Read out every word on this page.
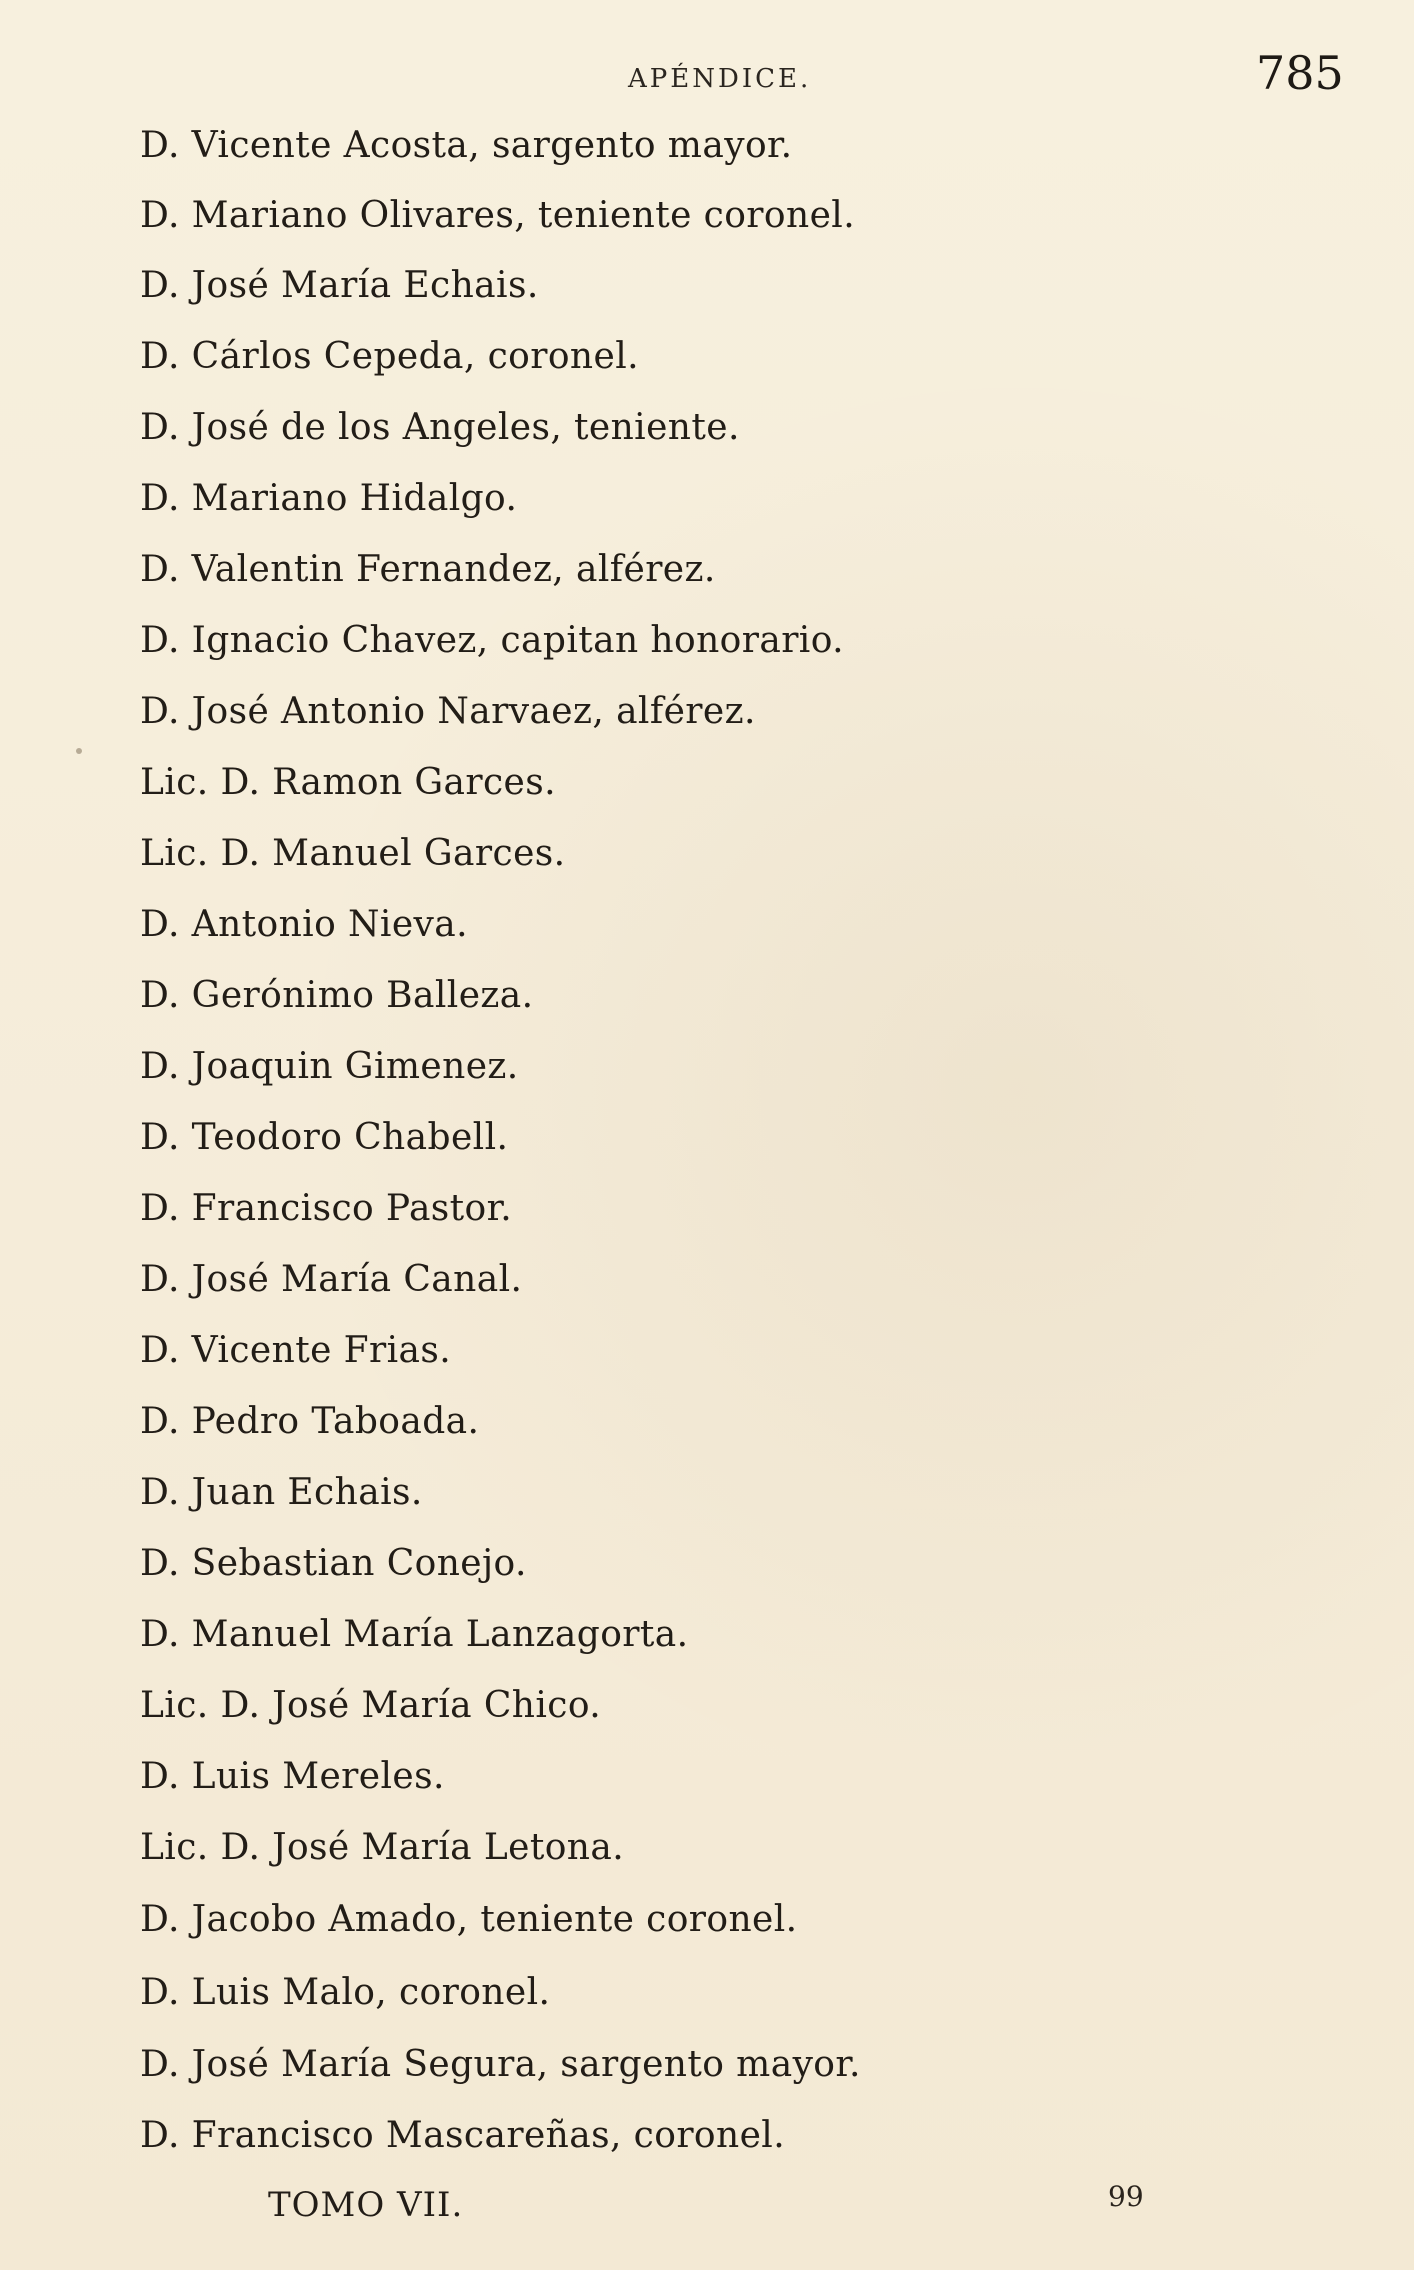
APÉNDICE.	785
D. Vicente Acosta, sargento mayor.
D. Mariano Olivares, teniente coronel.
D. José María Echais.
D. Cárlos Cepeda, coronel.
D. José de los Angeles, teniente.
D. Mariano Hidalgo.
D. Valentin Fernandez, alférez.
D. Ignacio Chavez, capitan honorario.
D. José Antonio Narvaez, alférez.
Lic. D. Ramon Garces.
Lic. D. Manuel Garces.
D. Antonio Nieva.
D. Gerónimo Balleza.
D. Joaquin Gimenez.
D. Teodoro Chabell.
D. Francisco Pastor.
D. José María Canal.
D. Vicente Frias.
D. Pedro Taboada.
D. Juan Echais.
D. Sebastian Conejo.
D. Manuel María Lanzagorta.
Lic. D. José María Chico.
D. Luis Mereles.
Lic. D. José María Letona.
D. Jacobo Amado, teniente coronel.
D. Luis Malo, coronel.
D. José María Segura, sargento mayor.
D. Francisco Mascareñas, coronel.
TOMO VII.	99
